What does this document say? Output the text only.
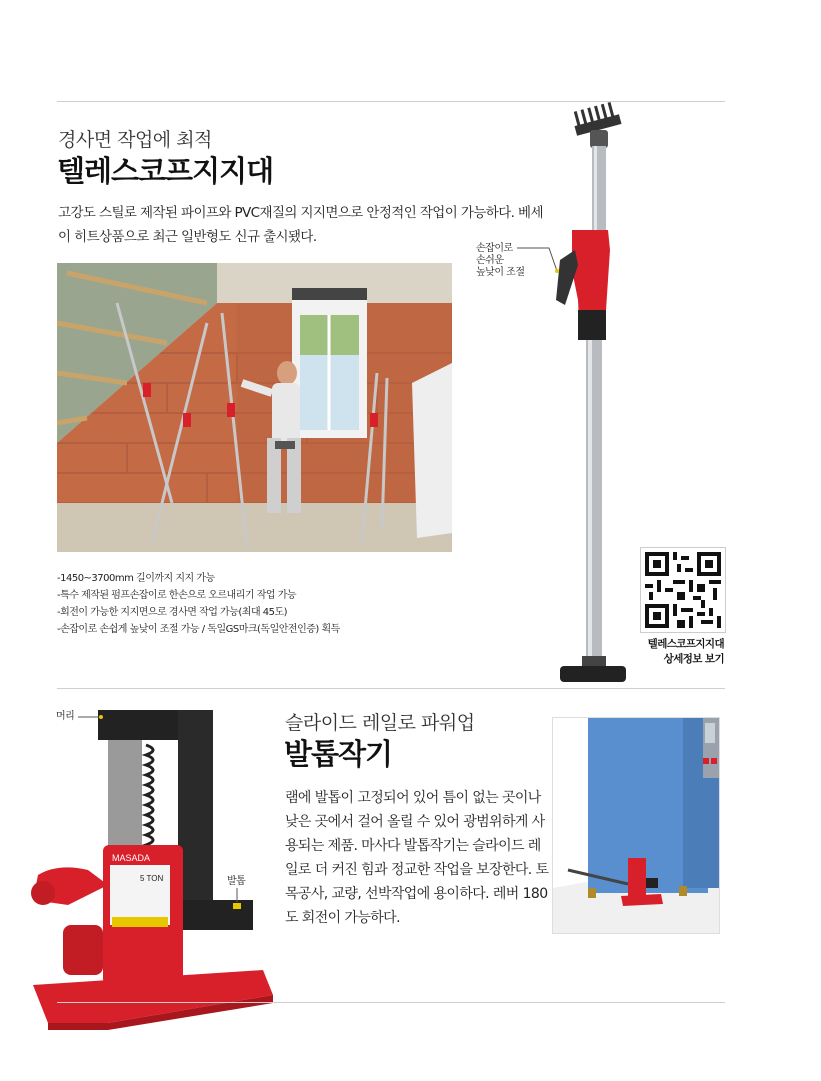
경사면 작업에 최적
텔레스코프지지대
고강도 스틸로 제작된 파이프와 PVC재질의 지지면으로 안정적인 작업이 가능하다. 베세이 히트상품으로 최근 일반형도 신규 출시됐다.
-1450~3700mm 길이까지 지지 가능
-특수 제작된 펌프손잡이로 한손으로 오르내리기 작업 가능
-회전이 가능한 지지면으로 경사면 작업 가능(최대 45도)
-손잡이로 손쉽게 높낮이 조절 가능 / 독일GS마크(독일안전인증) 획득
손잡이로
손쉬운
높낮이 조절
텔레스코프지지대
상세정보 보기
MASADA
5 TON
머리
발톱
슬라이드 레일로 파워업
발톱작기
램에 발톱이 고정되어 있어 틈이 없는 곳이나 낮은 곳에서 걸어 올릴 수 있어 광범위하게 사용되는 제품. 마사다 발톱작기는 슬라이드 레일로 더 커진 힘과 정교한 작업을 보장한다. 토목공사, 교량, 선박작업에 용이하다. 레버 180도 회전이 가능하다.
